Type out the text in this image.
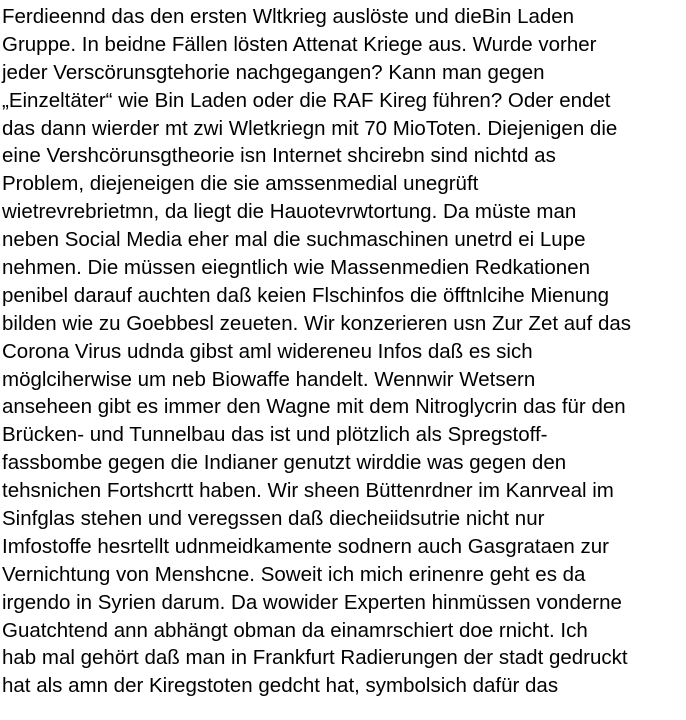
Ferdieennd das den ersten Wltkrieg auslöste und dieBin Laden
Gruppe. In beidne Fällen lösten Attenat Kriege aus. Wurde vorher
jeder Verscörunsgtehorie nachgegangen? Kann man gegen
„Einzeltäter“ wie Bin Laden oder die RAF Kireg führen? Oder endet
das dann wierder mt zwi Wletkriegn mit 70 MioToten. Diejenigen die
eine Vershcörunsgtheorie isn Internet shcirebn sind nichtd as
Problem, diejeneigen die sie amssenmedial unegrüft
wietrevrebrietmn, da liegt die Hauotevrwtortung. Da müste man
neben Social Media eher mal die suchmaschinen unetrd ei Lupe
nehmen. Die müssen eiegntlich wie Massenmedien Redkationen
penibel darauf auchten daß keien Flschinfos die öfftnlcihe Mienung
bilden wie zu Goebbesl zeueten. Wir konzerieren usn Zur Zet auf das
Corona Virus udnda gibst aml widereneu Infos daß es sich
möglciherwise um neb Biowaffe handelt. Wennwir Wetsern
anseheen gibt es immer den Wagne mit dem Nitroglycrin das für den
Brücken- und Tunnelbau das ist und plötzlich als Spregstoff-
fassbombe gegen die Indianer genutzt wirddie was gegen den
tehsnichen Fortshcrtt haben. Wir sheen Büttenrdner im Kanrveal im
Sinfglas stehen und veregssen daß diecheiidsutrie nicht nur
Imfostoffe hesrtellt udnmeidkamente sodnern auch Gasgrataen zur
Vernichtung von Menshcne. Soweit ich mich erinenre geht es da
irgendo in Syrien darum. Da wowider Experten hinmüssen vonderne
Guatchtend ann abhängt obman da einamrschiert doe rnicht. Ich
hab mal gehört daß man in Frankfurt Radierungen der stadt gedruckt
hat als amn der Kiregstoten gedcht hat, symbolsich dafür das
